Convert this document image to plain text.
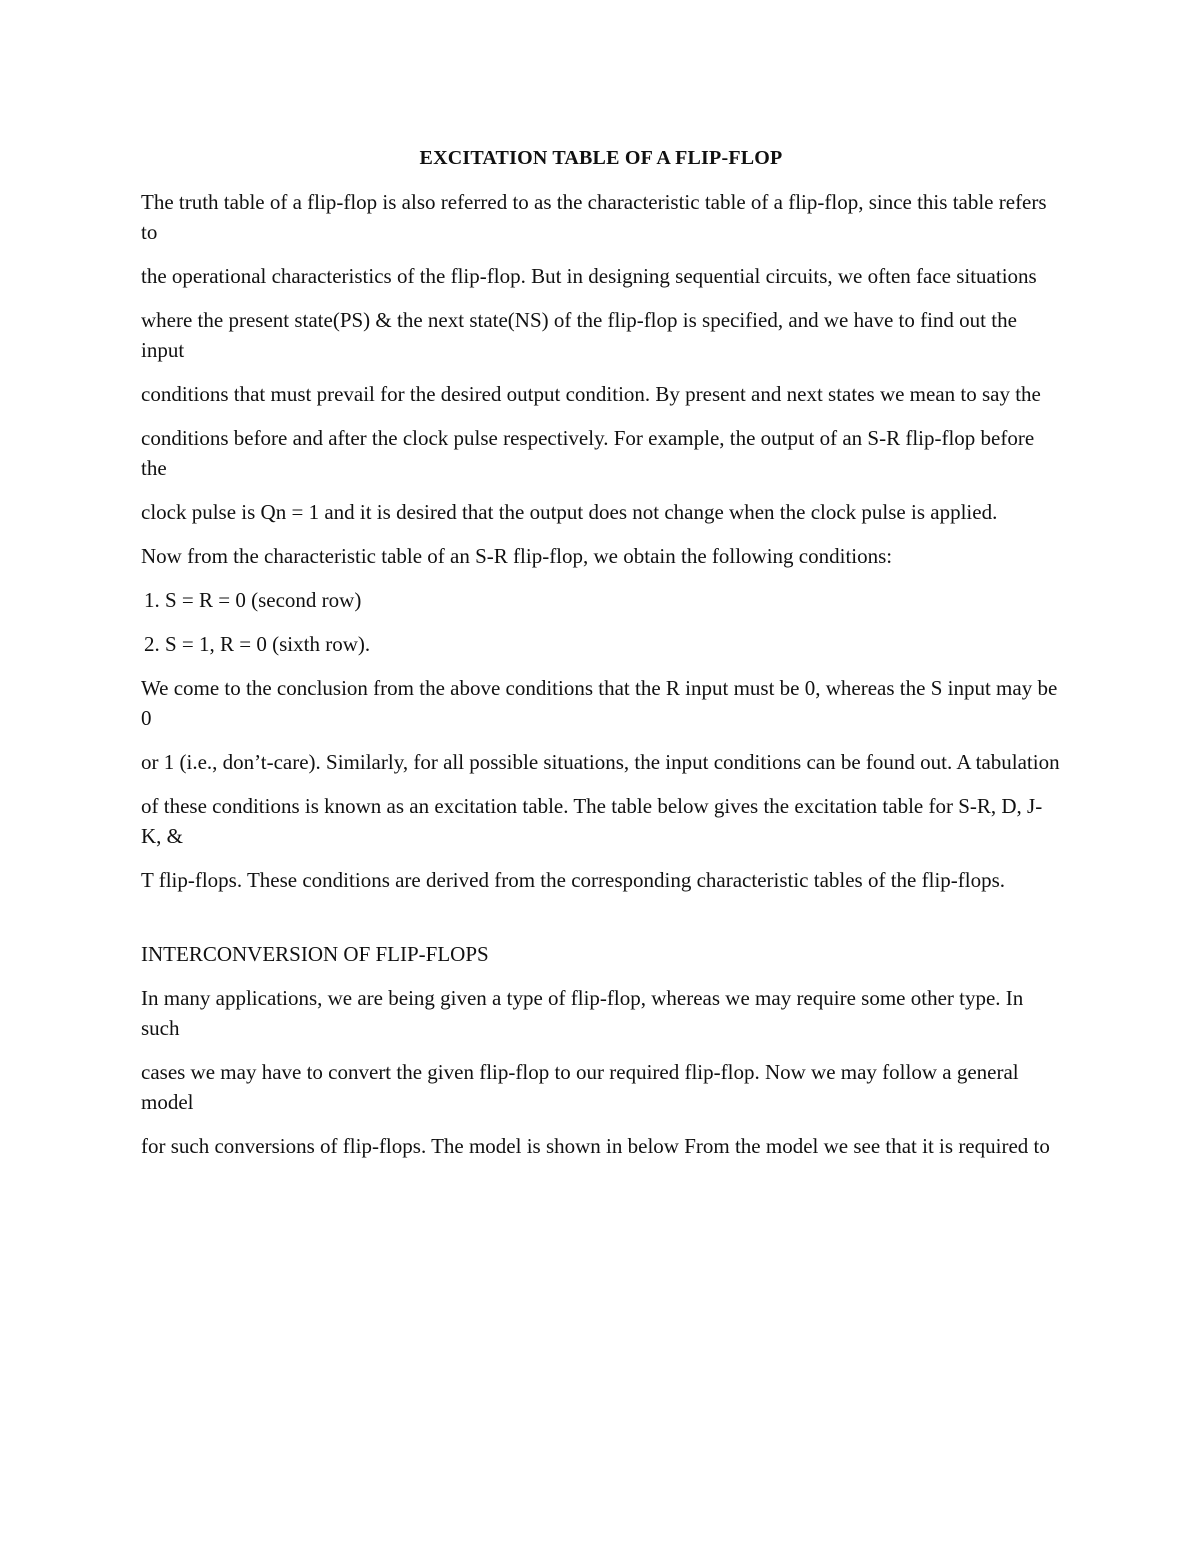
EXCITATION TABLE OF A FLIP-FLOP
The truth table of a flip-flop is also referred to as the characteristic table of a flip-flop, since this table refers to
the operational characteristics of the flip-flop. But in designing sequential circuits, we often face situations
where the present state(PS) & the next state(NS) of the flip-flop is specified, and we have to find out the input
conditions that must prevail for the desired output condition. By present and next states we mean to say the
conditions before and after the clock pulse respectively. For example, the output of an S-R flip-flop before the
clock pulse is Qn = 1 and it is desired that the output does not change when the clock pulse is applied.
Now from the characteristic table of an S-R flip-flop, we obtain the following conditions:
1. S = R = 0 (second row)
2. S = 1, R = 0 (sixth row).
We come to the conclusion from the above conditions that the R input must be 0, whereas the S input may be 0
or 1 (i.e., don’t-care). Similarly, for all possible situations, the input conditions can be found out. A tabulation
of these conditions is known as an excitation table. The table below gives the excitation table for S-R, D, J-K, &
T flip-flops. These conditions are derived from the corresponding characteristic tables of the flip-flops.
INTERCONVERSION OF FLIP-FLOPS
In many applications, we are being given a type of flip-flop, whereas we may require some other type. In such
cases we may have to convert the given flip-flop to our required flip-flop. Now we may follow a general model
for such conversions of flip-flops. The model is shown in below From the model we see that it is required to
